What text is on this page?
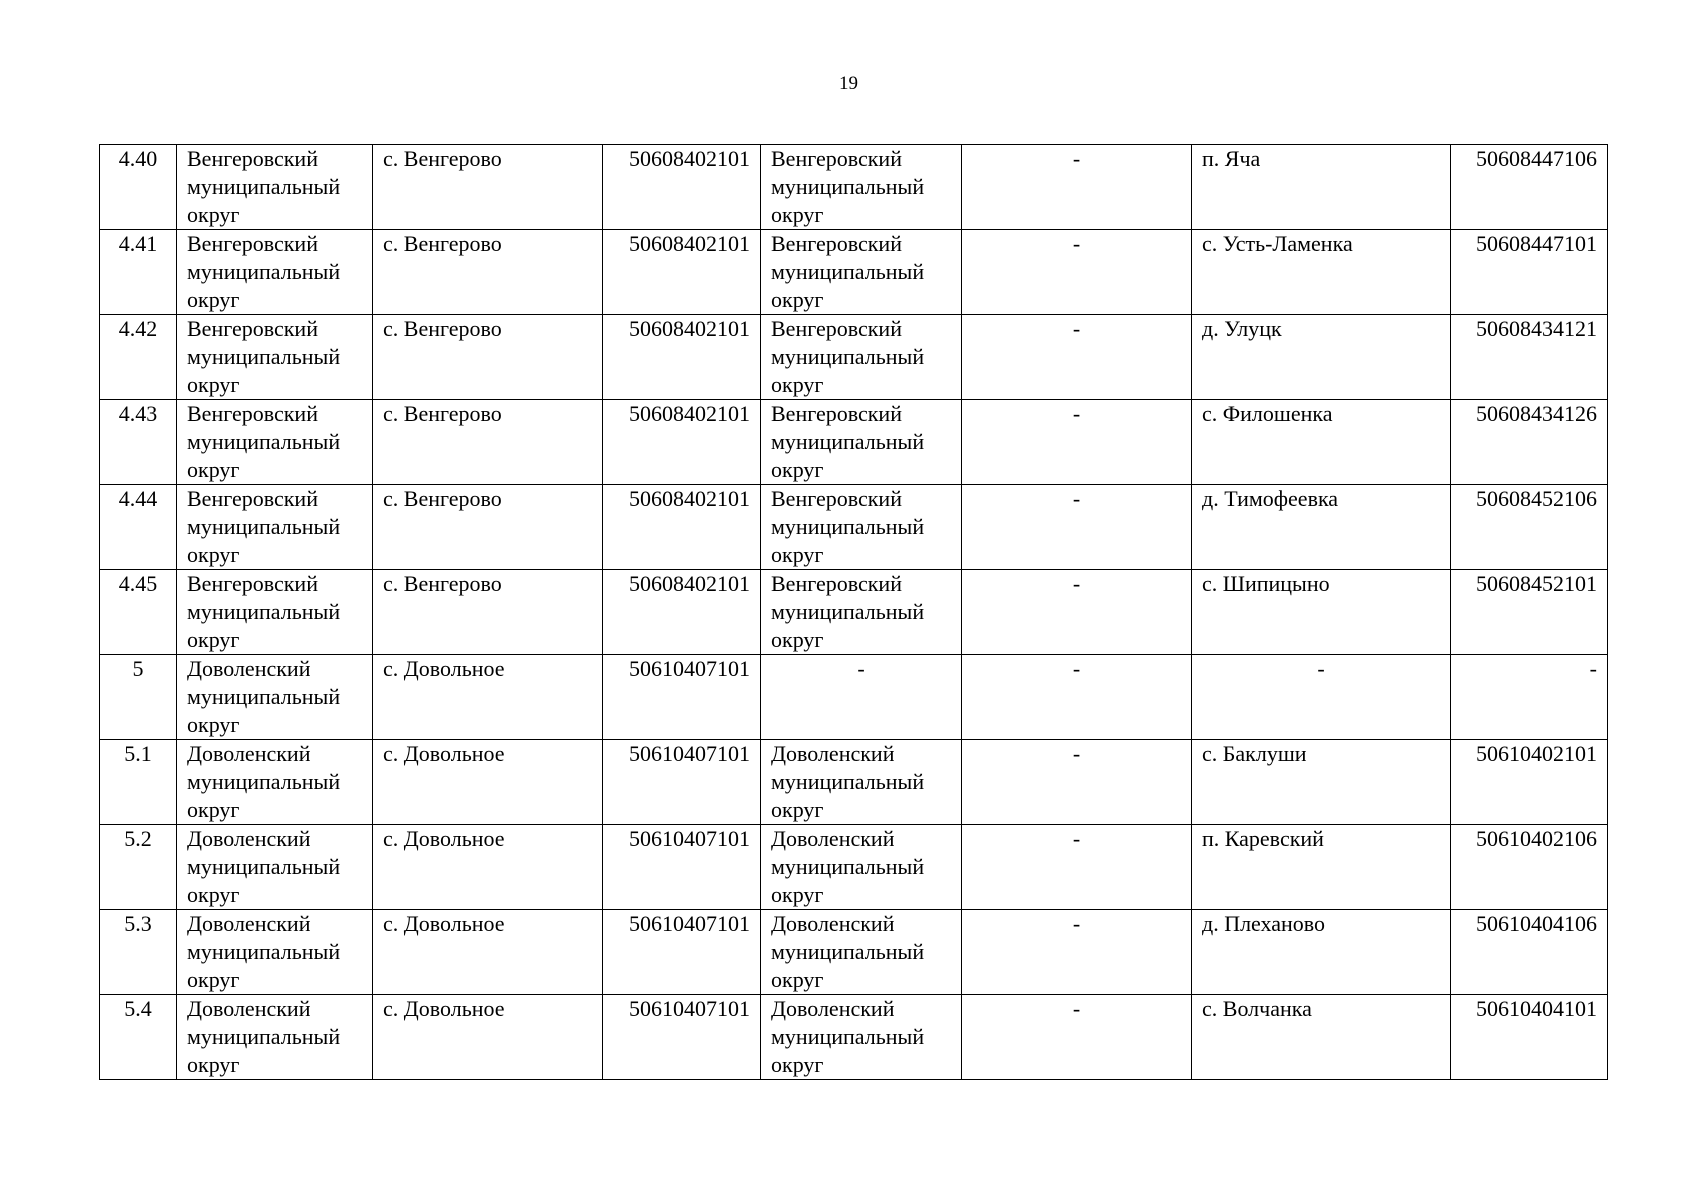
19
4.40	Венгеровский муниципальный округ	с. Венгерово	50608402101	Венгеровский муниципальный округ	-	п. Яча	50608447106
4.41	Венгеровский муниципальный округ	с. Венгерово	50608402101	Венгеровский муниципальный округ	-	с. Усть-Ламенка	50608447101
4.42	Венгеровский муниципальный округ	с. Венгерово	50608402101	Венгеровский муниципальный округ	-	д. Улуцк	50608434121
4.43	Венгеровский муниципальный округ	с. Венгерово	50608402101	Венгеровский муниципальный округ	-	с. Филошенка	50608434126
4.44	Венгеровский муниципальный округ	с. Венгерово	50608402101	Венгеровский муниципальный округ	-	д. Тимофеевка	50608452106
4.45	Венгеровский муниципальный округ	с. Венгерово	50608402101	Венгеровский муниципальный округ	-	с. Шипицыно	50608452101
5	Доволенский муниципальный округ	с. Довольное	50610407101	-	-	-	-
5.1	Доволенский муниципальный округ	с. Довольное	50610407101	Доволенский муниципальный округ	-	с. Баклуши	50610402101
5.2	Доволенский муниципальный округ	с. Довольное	50610407101	Доволенский муниципальный округ	-	п. Каревский	50610402106
5.3	Доволенский муниципальный округ	с. Довольное	50610407101	Доволенский муниципальный округ	-	д. Плеханово	50610404106
5.4	Доволенский муниципальный округ	с. Довольное	50610407101	Доволенский муниципальный округ	-	с. Волчанка	50610404101
